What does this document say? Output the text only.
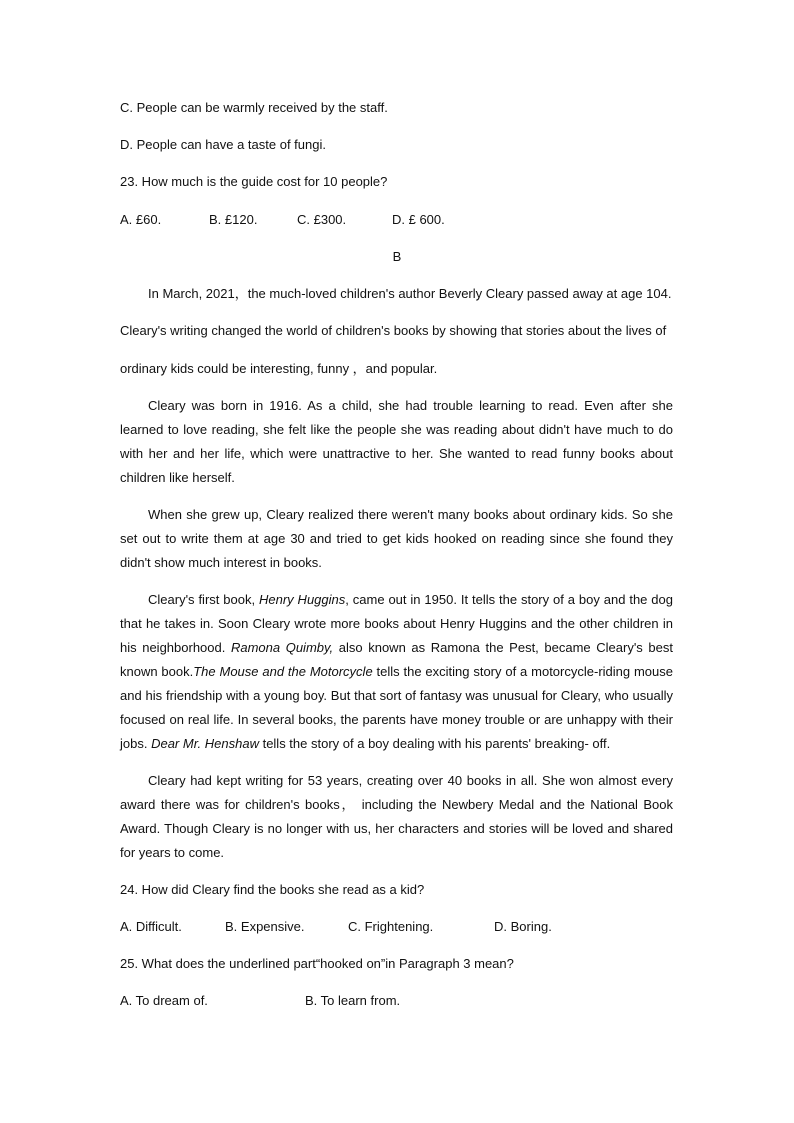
C. People can be warmly received by the staff.
D. People can have a taste of fungi.
23. How much is the guide cost for 10 people?
A. £60.	B. £120.	C. £300.	D. £ 600.
B
In March, 2021，the much-loved children's author Beverly Cleary passed away at age 104.
Cleary's writing changed the world of children's books by showing that stories about the lives of
ordinary kids could be interesting, funny ，and popular.
Cleary was born in 1916. As a child, she had trouble learning to read. Even after she learned to love reading, she felt like the people she was reading about didn't have much to do with her and her life, which were unattractive to her. She wanted to read funny books about children like herself.
When she grew up, Cleary realized there weren't many books about ordinary kids. So she set out to write them at age 30 and tried to get kids hooked on reading since she found they didn't show much interest in books.
Cleary's first book, Henry Huggins, came out in 1950. It tells the story of a boy and the dog that he takes in. Soon Cleary wrote more books about Henry Huggins and the other children in his neighborhood. Ramona Quimby, also known as Ramona the Pest, became Cleary's best known book.The Mouse and the Motorcycle tells the exciting story of a motorcycle-riding mouse and his friendship with a young boy. But that sort of fantasy was unusual for Cleary, who usually focused on real life. In several books, the parents have money trouble or are unhappy with their jobs. Dear Mr. Henshaw tells the story of a boy dealing with his parents' breaking- off.
Cleary had kept writing for 53 years, creating over 40 books in all. She won almost every award there was for children's books， including the Newbery Medal and the National Book Award. Though Cleary is no longer with us, her characters and stories will be loved and shared for years to come.
24. How did Cleary find the books she read as a kid?
A. Difficult.	B. Expensive.	C. Frightening.	D. Boring.
25. What does the underlined part“hooked on”in Paragraph 3 mean?
A. To dream of.	B. To learn from.
